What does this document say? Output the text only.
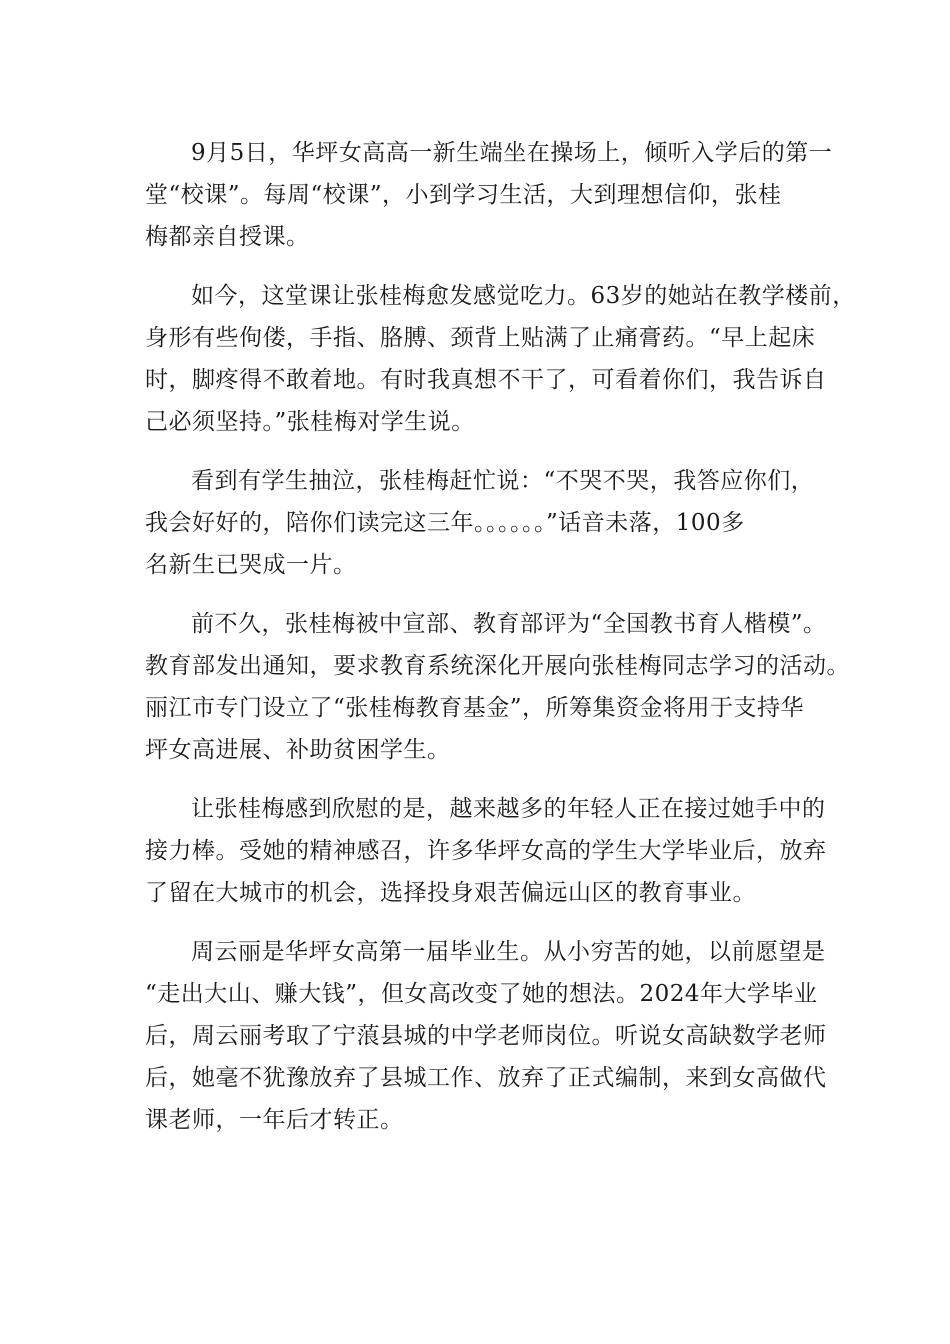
9月5日，华坪女高高一新生端坐在操场上，倾听入学后的第一
堂“校课”。每周“校课”，小到学习生活，大到理想信仰，张桂
梅都亲自授课。
如今，这堂课让张桂梅愈发感觉吃力。63岁的她站在教学楼前，
身形有些佝偻，手指、胳膊、颈背上贴满了止痛膏药。“早上起床
时，脚疼得不敢着地。有时我真想不干了，可看着你们，我告诉自
己必须坚持。”张桂梅对学生说。
看到有学生抽泣，张桂梅赶忙说：“不哭不哭，我答应你们，
我会好好的，陪你们读完这三年。。。。。。”话音未落，100多
名新生已哭成一片。
前不久，张桂梅被中宣部、教育部评为“全国教书育人楷模”。
教育部发出通知，要求教育系统深化开展向张桂梅同志学习的活动。
丽江市专门设立了“张桂梅教育基金”，所筹集资金将用于支持华
坪女高进展、补助贫困学生。
让张桂梅感到欣慰的是，越来越多的年轻人正在接过她手中的
接力棒。受她的精神感召，许多华坪女高的学生大学毕业后，放弃
了留在大城市的机会，选择投身艰苦偏远山区的教育事业。
周云丽是华坪女高第一届毕业生。从小穷苦的她，以前愿望是
“走出大山、赚大钱”，但女高改变了她的想法。2024年大学毕业
后，周云丽考取了宁蒗县城的中学老师岗位。听说女高缺数学老师
后，她毫不犹豫放弃了县城工作、放弃了正式编制，来到女高做代
课老师，一年后才转正。
